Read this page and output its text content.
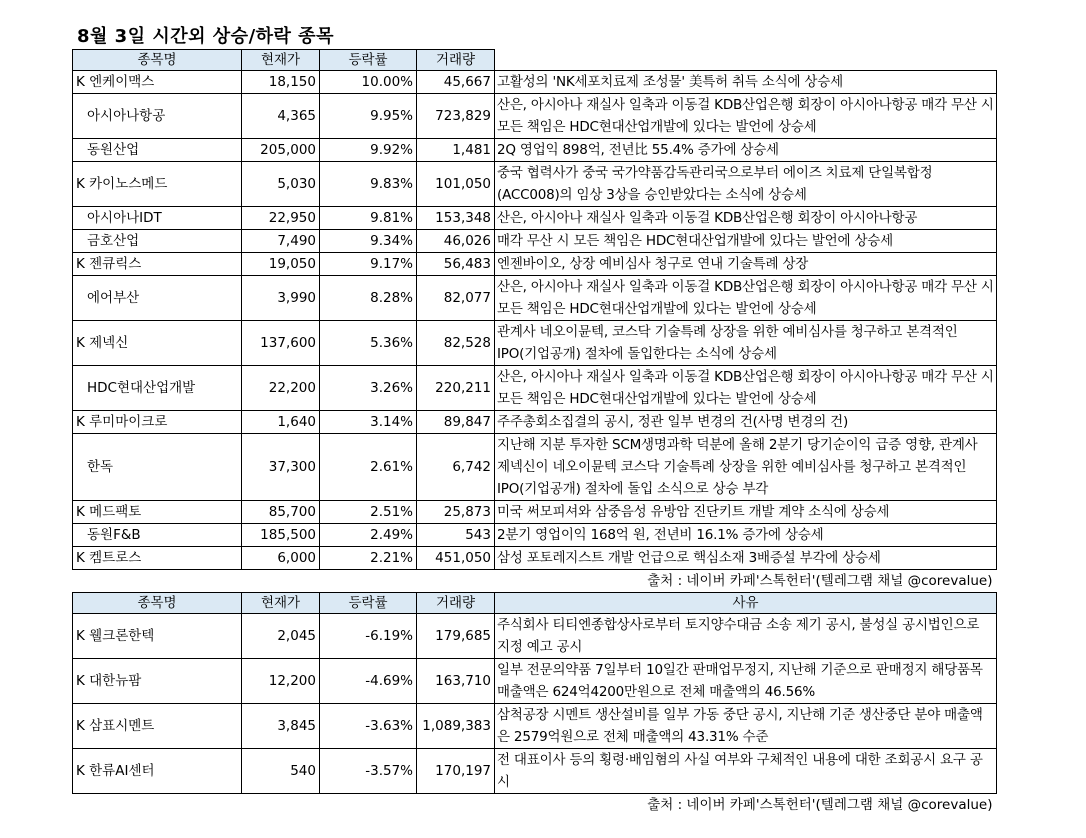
8월 3일 시간외 상승/하락 종목
종목명	현재가	등락률	거래량	
K 엔케이맥스	18,150	10.00%	45,667	고활성의 'NK세포치료제 조성물' 美특허 취득 소식에 상승세
아시아나항공	4,365	9.95%	723,829	산은, 아시아나 재실사 일축과 이동걸 KDB산업은행 회장이 아시아나항공 매각 무산 시 모든 책임은 HDC현대산업개발에 있다는 발언에 상승세
동원산업	205,000	9.92%	1,481	2Q 영업익 898억, 전년比 55.4% 증가에 상승세
K 카이노스메드	5,030	9.83%	101,050	중국 협력사가 중국 국가약품감독관리국으로부터 에이즈 치료제 단일복합정(ACC008)의 임상 3상을 승인받았다는 소식에 상승세
아시아나IDT	22,950	9.81%	153,348	산은, 아시아나 재실사 일축과 이동걸 KDB산업은행 회장이 아시아나항공
금호산업	7,490	9.34%	46,026	매각 무산 시 모든 책임은 HDC현대산업개발에 있다는 발언에 상승세
K 젠큐릭스	19,050	9.17%	56,483	엔젠바이오, 상장 예비심사 청구로 연내 기술특례 상장
에어부산	3,990	8.28%	82,077	산은, 아시아나 재실사 일축과 이동걸 KDB산업은행 회장이 아시아나항공 매각 무산 시 모든 책임은 HDC현대산업개발에 있다는 발언에 상승세
K 제넥신	137,600	5.36%	82,528	관계사 네오이뮨텍, 코스닥 기술특례 상장을 위한 예비심사를 청구하고 본격적인 IPO(기업공개) 절차에 돌입한다는 소식에 상승세
HDC현대산업개발	22,200	3.26%	220,211	산은, 아시아나 재실사 일축과 이동걸 KDB산업은행 회장이 아시아나항공 매각 무산 시 모든 책임은 HDC현대산업개발에 있다는 발언에 상승세
K 루미마이크로	1,640	3.14%	89,847	주주총회소집결의 공시, 정관 일부 변경의 건(사명 변경의 건)
한독	37,300	2.61%	6,742	지난해 지분 투자한 SCM생명과학 덕분에 올해 2분기 당기순이익 급증 영향, 관계사 제넥신이 네오이뮨텍 코스닥 기술특례 상장을 위한 예비심사를 청구하고 본격적인 IPO(기업공개) 절차에 돌입 소식으로 상승 부각
K 메드팩토	85,700	2.51%	25,873	미국 써모피셔와 삼중음성 유방암 진단키트 개발 계약 소식에 상승세
동원F&B	185,500	2.49%	543	2분기 영업이익 168억 원, 전년비 16.1% 증가에 상승세
K 켐트로스	6,000	2.21%	451,050	삼성 포토레지스트 개발 언급으로 핵심소재 3배증설 부각에 상승세
출처 : 네이버 카페'스톡헌터'(텔레그램 채널 @corevalue)				
종목명	현재가	등락률	거래량	사유
K 웰크론한텍	2,045	-6.19%	179,685	주식회사 티티엔종합상사로부터 토지양수대금 소송 제기 공시, 불성실 공시법인으로 지정 예고 공시
K 대한뉴팜	12,200	-4.69%	163,710	일부 전문의약품 7일부터 10일간 판매업무정지, 지난해 기준으로 판매정지 해당품목 매출액은 624억4200만원으로 전체 매출액의 46.56%
K 삼표시멘트	3,845	-3.63%	1,089,383	삼척공장 시멘트 생산설비를 일부 가동 중단 공시, 지난해 기준 생산중단 분야 매출액은 2579억원으로 전체 매출액의 43.31% 수준
K 한류AI센터	540	-3.57%	170,197	전 대표이사 등의 횡령·배임혐의 사실 여부와 구체적인 내용에 대한 조회공시 요구 공시
출처 : 네이버 카페'스톡헌터'(텔레그램 채널 @corevalue)				
